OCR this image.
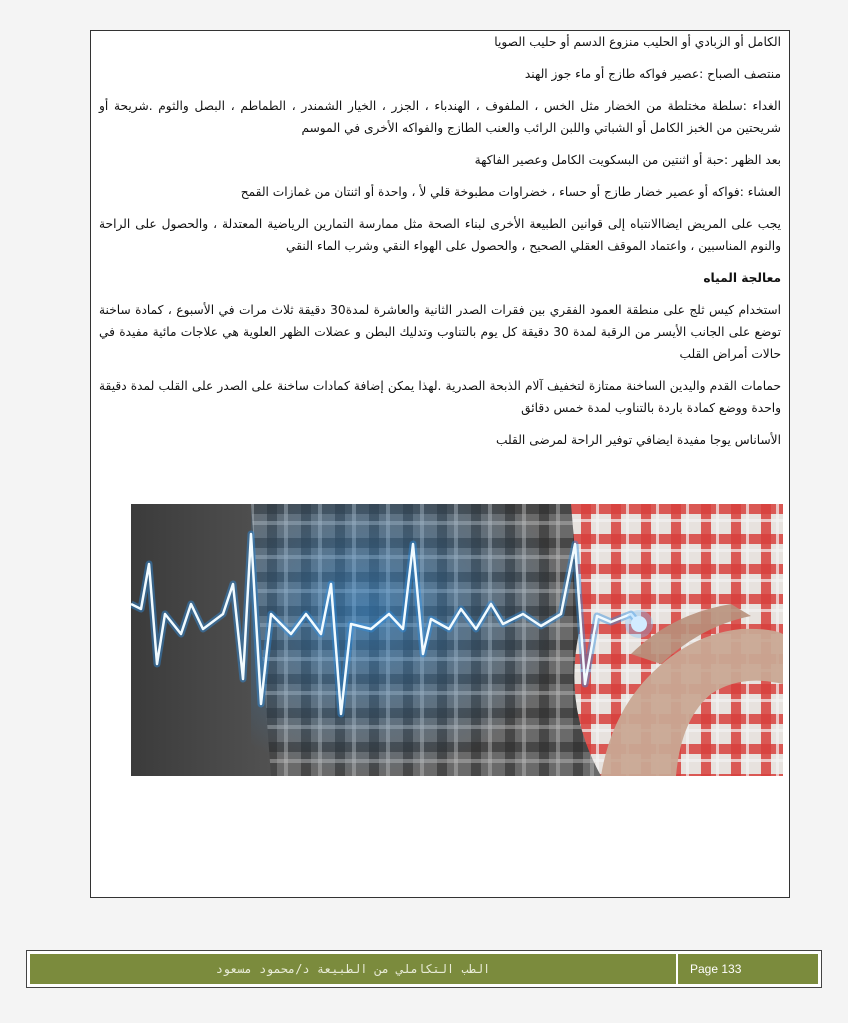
الكامل أو الزبادي أو الحليب منزوع الدسم أو حليب الصويا

منتصف الصباح :عصير فواكه طازج أو ماء جوز الهند

الغداء :سلطة مختلطة من الخضار مثل الخس ، الملفوف ، الهندباء ، الجزر ، الخيار الشمندر ، الطماطم ، البصل والثوم .شريحة أو شريحتين من الخبز الكامل أو الشباتي واللبن الرائب والعنب الطازج والفواكه الأخرى في الموسم

بعد الظهر :حبة أو اثنتين من البسكويت الكامل وعصير الفاكهة

العشاء :فواكه أو عصير خضار طازج أو حساء ، خضراوات مطبوخة قلي لأ ، واحدة أو اثنتان من غمازات القمح

يجب على المريض ايضاالانتباه إلى قوانين الطبيعة الأخرى لبناء الصحة مثل ممارسة التمارين الرياضية المعتدلة ، والحصول على الراحة والنوم المناسبين ، واعتماد الموقف العقلي الصحيح ، والحصول على الهواء النقي وشرب الماء النقي

معالجة المياه

استخدام كيس ثلج على منطقة العمود الفقري بين فقرات الصدر الثانية والعاشرة لمدة30 دقيقة ثلاث مرات في الأسبوع ، كمادة ساخنة توضع على الجانب الأيسر من الرقبة لمدة 30 دقيقة كل يوم بالتناوب وتدليك البطن و عضلات الظهر العلوية هي علاجات مائية مفيدة في حالات أمراض القلب

حمامات القدم واليدين الساخنة ممتازة لتخفيف آلام الذبحة الصدرية .لهذا يمكن إضافة كمادات ساخنة على الصدر على القلب لمدة دقيقة واحدة ووضع كمادة باردة بالتناوب لمدة خمس دقائق

الأساناس يوجا مفيدة ايضافي توفير الراحة لمرضى القلب

الطب التكاملي من الطبيعة د/محمود مسعود	Page 133
